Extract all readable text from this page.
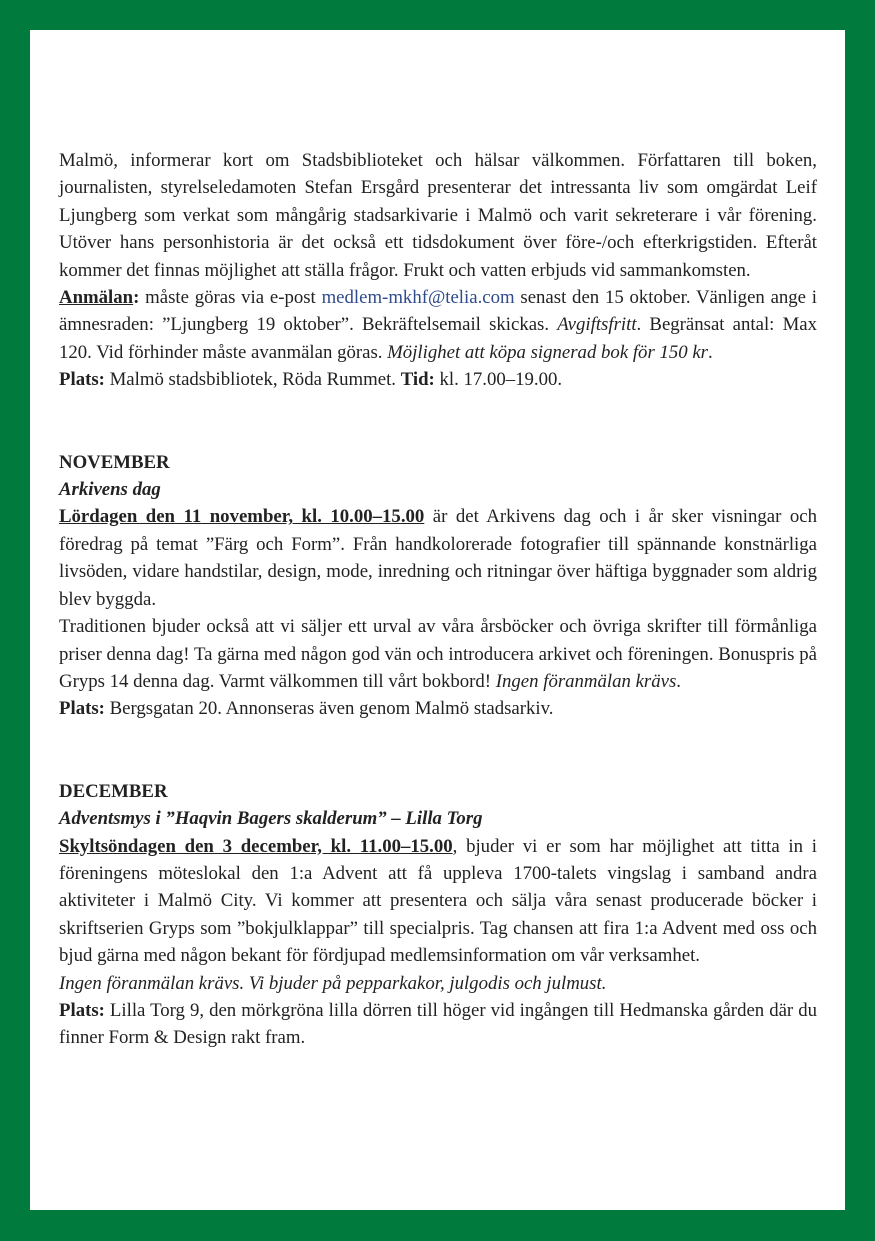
Malmö, informerar kort om Stadsbiblioteket och hälsar välkommen. Författaren till boken, journalisten, styrelseledamoten Stefan Ersgård presenterar det intressanta liv som omgärdat Leif Ljungberg som verkat som mångårig stadsarkivarie i Malmö och varit sekreterare i vår förening. Utöver hans personhistoria är det också ett tidsdokument över före-/och efterkrigstiden. Efteråt kommer det finnas möjlighet att ställa frågor. Frukt och vatten erbjuds vid sammankomsten.

Anmälan: måste göras via e-post medlem-mkhf@telia.com senast den 15 oktober. Vänligen ange i ämnesraden: ”Ljungberg 19 oktober”. Bekräftelsemail skickas. Avgiftsfritt. Begränsat antal: Max 120. Vid förhinder måste avanmälan göras. Möjlighet att köpa signerad bok för 150 kr.

Plats: Malmö stadsbibliotek, Röda Rummet. Tid: kl. 17.00–19.00.

NOVEMBER

Arkivens dag

Lördagen den 11 november, kl. 10.00–15.00 är det Arkivens dag och i år sker visningar och föredrag på temat ”Färg och Form”. Från handkolorerade fotografier till spännande konstnärliga livsöden, vidare handstilar, design, mode, inredning och ritningar över häftiga byggnader som aldrig blev byggda.

Traditionen bjuder också att vi säljer ett urval av våra årsböcker och övriga skrifter till förmånliga priser denna dag! Ta gärna med någon god vän och introducera arkivet och föreningen. Bonuspris på Gryps 14 denna dag. Varmt välkommen till vårt bokbord! Ingen föranmälan krävs.

Plats: Bergsgatan 20. Annonseras även genom Malmö stadsarkiv.

DECEMBER

Adventsmys i ”Haqvin Bagers skalderum” – Lilla Torg

Skyltsöndagen den 3 december, kl. 11.00–15.00, bjuder vi er som har möjlighet att titta in i föreningens möteslokal den 1:a Advent att få uppleva 1700-talets vingslag i samband andra aktiviteter i Malmö City. Vi kommer att presentera och sälja våra senast producerade böcker i skriftserien Gryps som ”bokjulklappar” till specialpris. Tag chansen att fira 1:a Advent med oss och bjud gärna med någon bekant för fördjupad medlemsinformation om vår verksamhet.

Ingen föranmälan krävs. Vi bjuder på pepparkakor, julgodis och julmust.

Plats: Lilla Torg 9, den mörkgröna lilla dörren till höger vid ingången till Hedmanska gården där du finner Form & Design rakt fram.
